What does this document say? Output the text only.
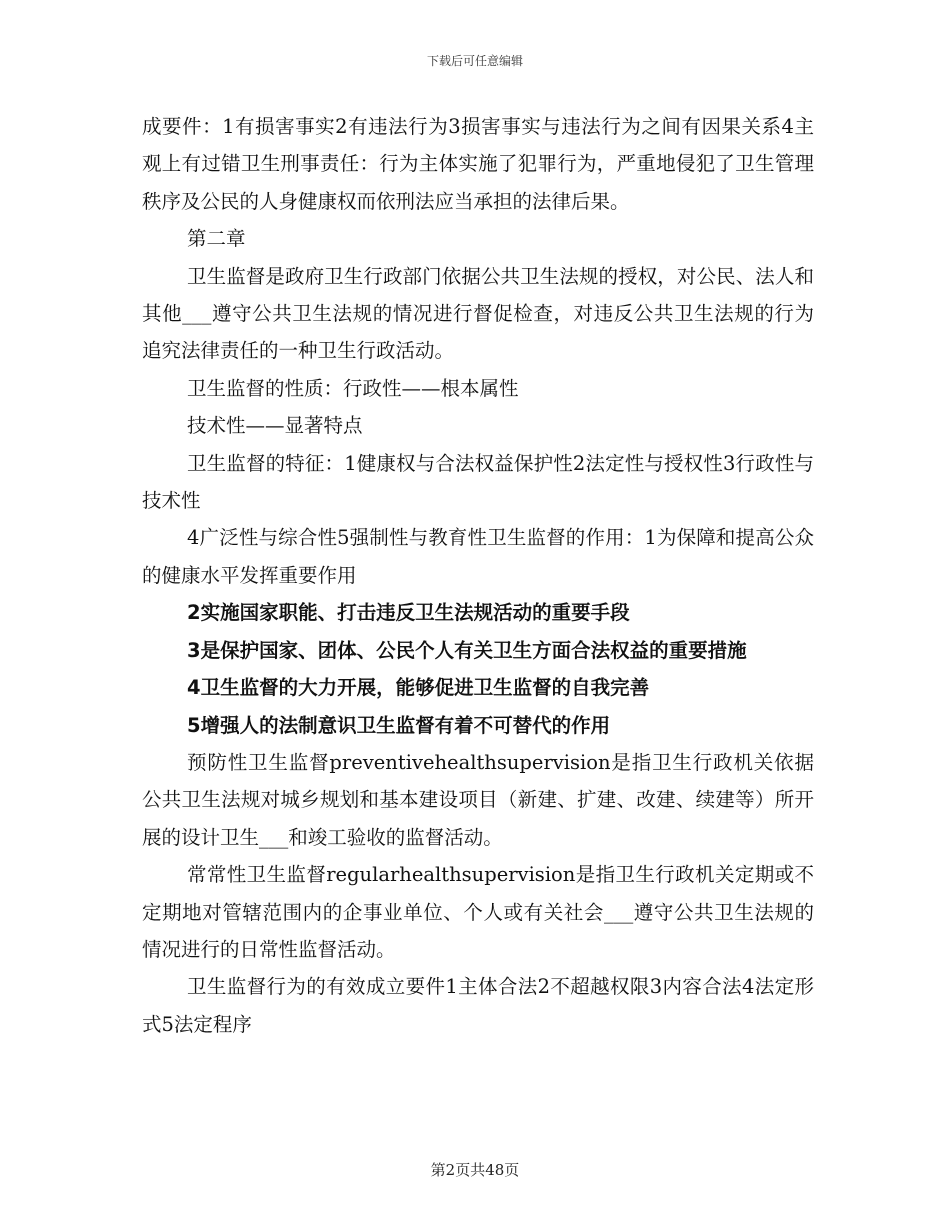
下载后可任意编辑

成要件：1有损害事实2有违法行为3损害事实与违法行为之间有因果关系4主观上有过错卫生刑事责任：行为主体实施了犯罪行为，严重地侵犯了卫生管理秩序及公民的人身健康权而依刑法应当承担的法律后果。

第二章

卫生监督是政府卫生行政部门依据公共卫生法规的授权，对公民、法人和其他___遵守公共卫生法规的情况进行督促检查，对违反公共卫生法规的行为追究法律责任的一种卫生行政活动。

卫生监督的性质：行政性——根本属性

技术性——显著特点

卫生监督的特征：1健康权与合法权益保护性2法定性与授权性3行政性与技术性

4广泛性与综合性5强制性与教育性卫生监督的作用：1为保障和提高公众的健康水平发挥重要作用

2实施国家职能、打击违反卫生法规活动的重要手段

3是保护国家、团体、公民个人有关卫生方面合法权益的重要措施

4卫生监督的大力开展，能够促进卫生监督的自我完善

5增强人的法制意识卫生监督有着不可替代的作用

预防性卫生监督preventivehealthsupervision是指卫生行政机关依据公共卫生法规对城乡规划和基本建设项目（新建、扩建、改建、续建等）所开展的设计卫生___和竣工验收的监督活动。

常常性卫生监督regularhealthsupervision是指卫生行政机关定期或不定期地对管辖范围内的企事业单位、个人或有关社会___遵守公共卫生法规的情况进行的日常性监督活动。

卫生监督行为的有效成立要件1主体合法2不超越权限3内容合法4法定形式5法定程序

第2页共48页
